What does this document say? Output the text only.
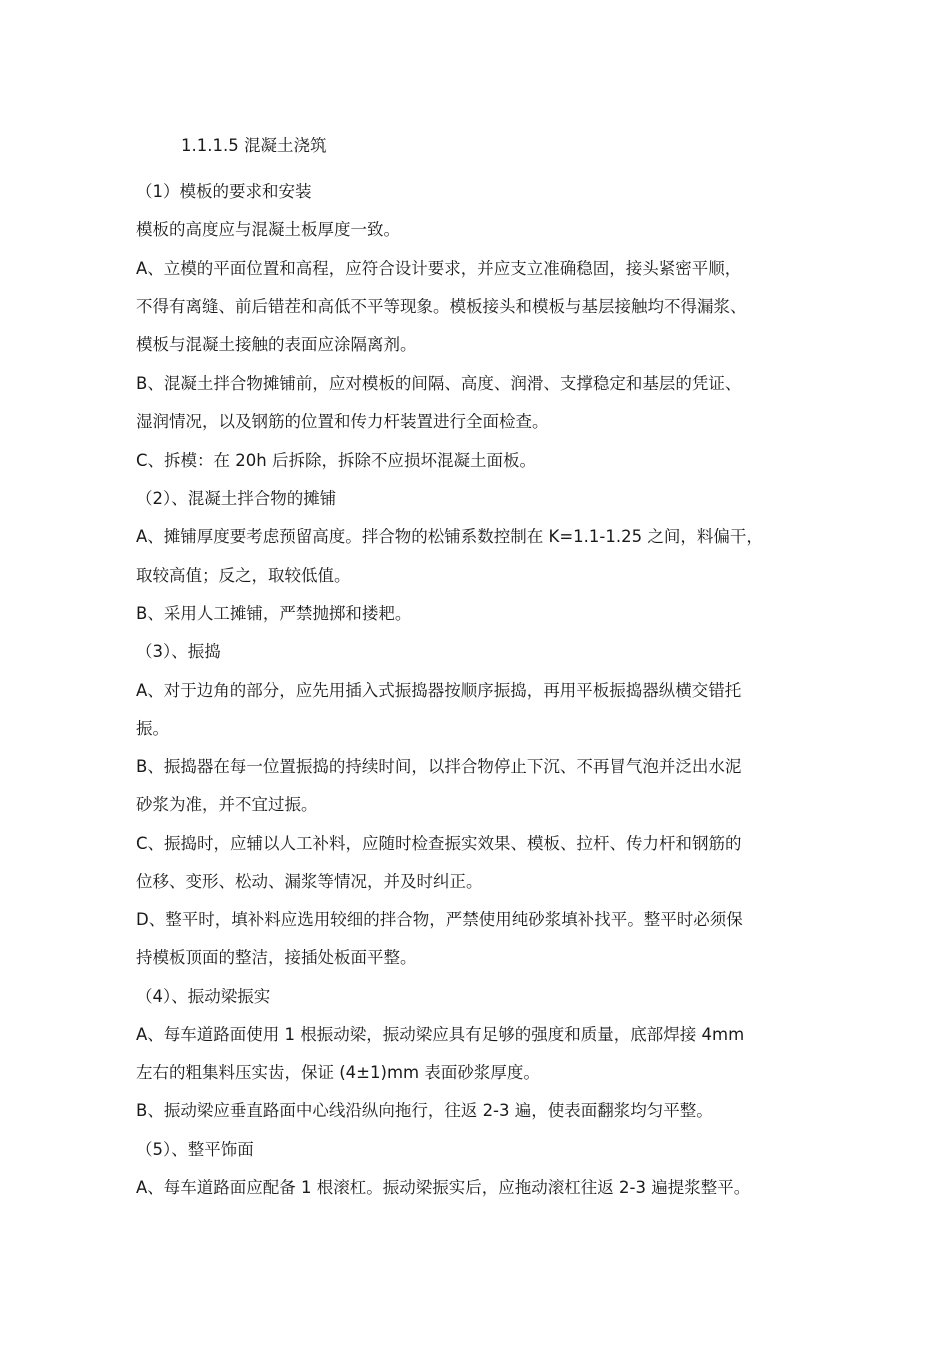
1.1.1.5 混凝土浇筑
（1）模板的要求和安装
模板的高度应与混凝土板厚度一致。
A、立模的平面位置和高程，应符合设计要求，并应支立准确稳固，接头紧密平顺，
不得有离缝、前后错茬和高低不平等现象。模板接头和模板与基层接触均不得漏浆、
模板与混凝土接触的表面应涂隔离剂。
B、混凝土拌合物摊铺前，应对模板的间隔、高度、润滑、支撑稳定和基层的凭证、
湿润情况，以及钢筋的位置和传力杆装置进行全面检查。
C、拆模：在 20h 后拆除，拆除不应损坏混凝土面板。
（2）、混凝土拌合物的摊铺
A、摊铺厚度要考虑预留高度。拌合物的松铺系数控制在 K=1.1-1.25 之间，料偏干，
取较高值；反之，取较低值。
B、采用人工摊铺，严禁抛掷和搂耙。
（3）、振捣
A、对于边角的部分，应先用插入式振捣器按顺序振捣，再用平板振捣器纵横交错托
振。
B、振捣器在每一位置振捣的持续时间，以拌合物停止下沉、不再冒气泡并泛出水泥
砂浆为准，并不宜过振。
C、振捣时，应辅以人工补料，应随时检查振实效果、模板、拉杆、传力杆和钢筋的
位移、变形、松动、漏浆等情况，并及时纠正。
D、整平时，填补料应选用较细的拌合物，严禁使用纯砂浆填补找平。整平时必须保
持模板顶面的整洁，接插处板面平整。
（4）、振动梁振实
A、每车道路面使用 1 根振动梁，振动梁应具有足够的强度和质量，底部焊接 4mm
左右的粗集料压实齿，保证 (4±1)mm 表面砂浆厚度。
B、振动梁应垂直路面中心线沿纵向拖行，往返 2-3 遍，使表面翻浆均匀平整。
（5）、整平饰面
A、每车道路面应配备 1 根滚杠。振动梁振实后，应拖动滚杠往返 2-3 遍提浆整平。
